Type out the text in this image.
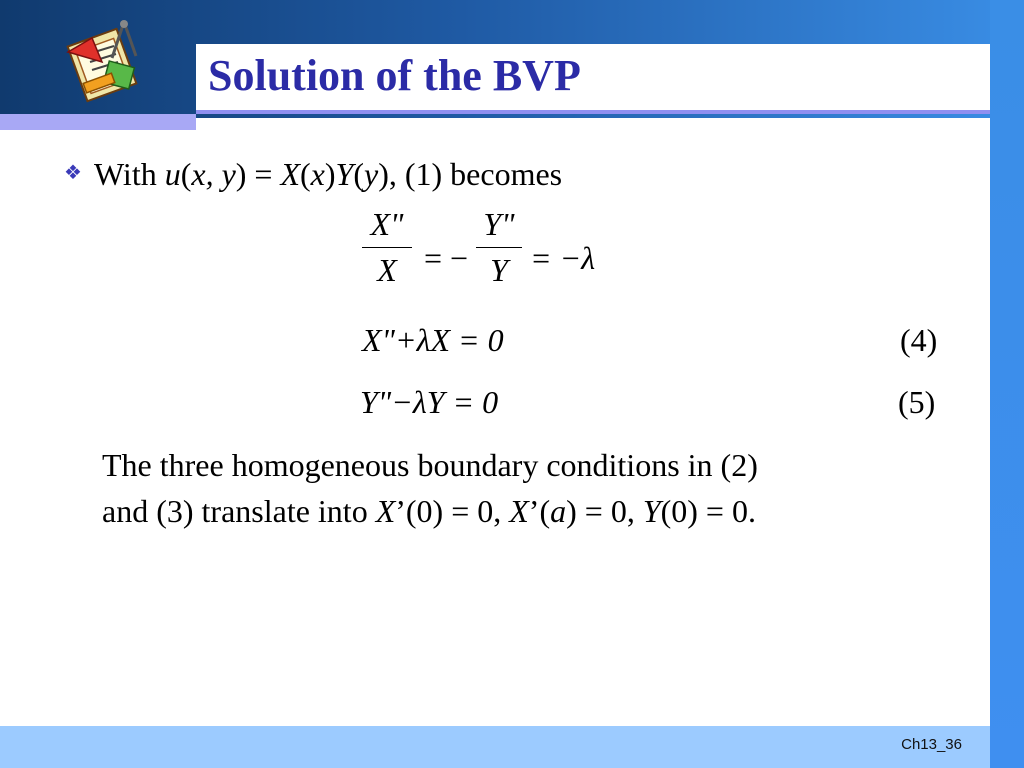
Solution of the BVP
❖ With u(x, y) = X(x)Y(y), (1) becomes
X"
X = −
Y"
Y = −λ
X"+λX = 0	(4)
Y"−λY = 0	(5)
The three homogeneous boundary conditions in (2)
and (3) translate into X’(0) = 0, X’(a) = 0, Y(0) = 0.
Ch13_36
